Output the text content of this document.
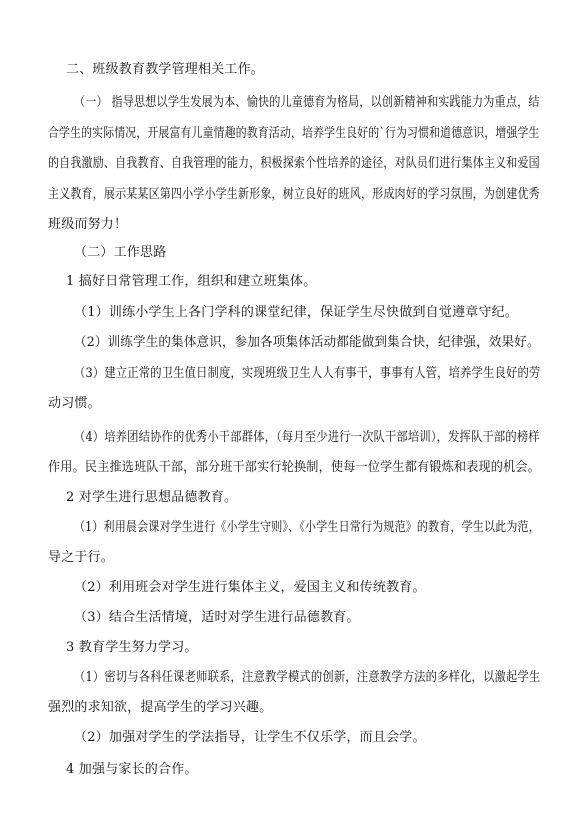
二、班级教育教学管理相关工作。
（一） 指导思想以学生发展为本、愉快的儿童德育为格局，以创新精神和实践能力为重点，结
合学生的实际情况，开展富有儿童情趣的教育活动，培养学生良好的`行为习惯和道德意识，增强学生
的自我激励、自我教育、自我管理的能力，积极探索个性培养的途径，对队员们进行集体主义和爱国
主义教育，展示某某区第四小学小学生新形象，树立良好的班风，形成肉好的学习氛围，为创建优秀
班级而努力！
（二）工作思路
1 搞好日常管理工作，组织和建立班集体。
（1）训练小学生上各门学科的课堂纪律，保证学生尽快做到自觉遵章守纪。
（2）训练学生的集体意识，参加各项集体活动都能做到集合快，纪律强，效果好。
（3）建立正常的卫生值日制度，实现班级卫生人人有事干，事事有人管，培养学生良好的劳
动习惯。
（4）培养团结协作的优秀小干部群体，（每月至少进行一次队干部培训），发挥队干部的榜样
作用。民主推选班队干部，部分班干部实行轮换制，使每一位学生都有锻炼和表现的机会。
2 对学生进行思想品德教育。
（1）利用晨会课对学生进行《小学生守则》、《小学生日常行为规范》的教育，学生以此为范，
导之于行。
（2）利用班会对学生进行集体主义，爱国主义和传统教育。
（3）结合生活情境，适时对学生进行品德教育。
3 教育学生努力学习。
（1）密切与各科任课老师联系，注意教学模式的创新，注意教学方法的多样化，以激起学生
强烈的求知欲，提高学生的学习兴趣。
（2）加强对学生的学法指导，让学生不仅乐学，而且会学。
4 加强与家长的合作。
